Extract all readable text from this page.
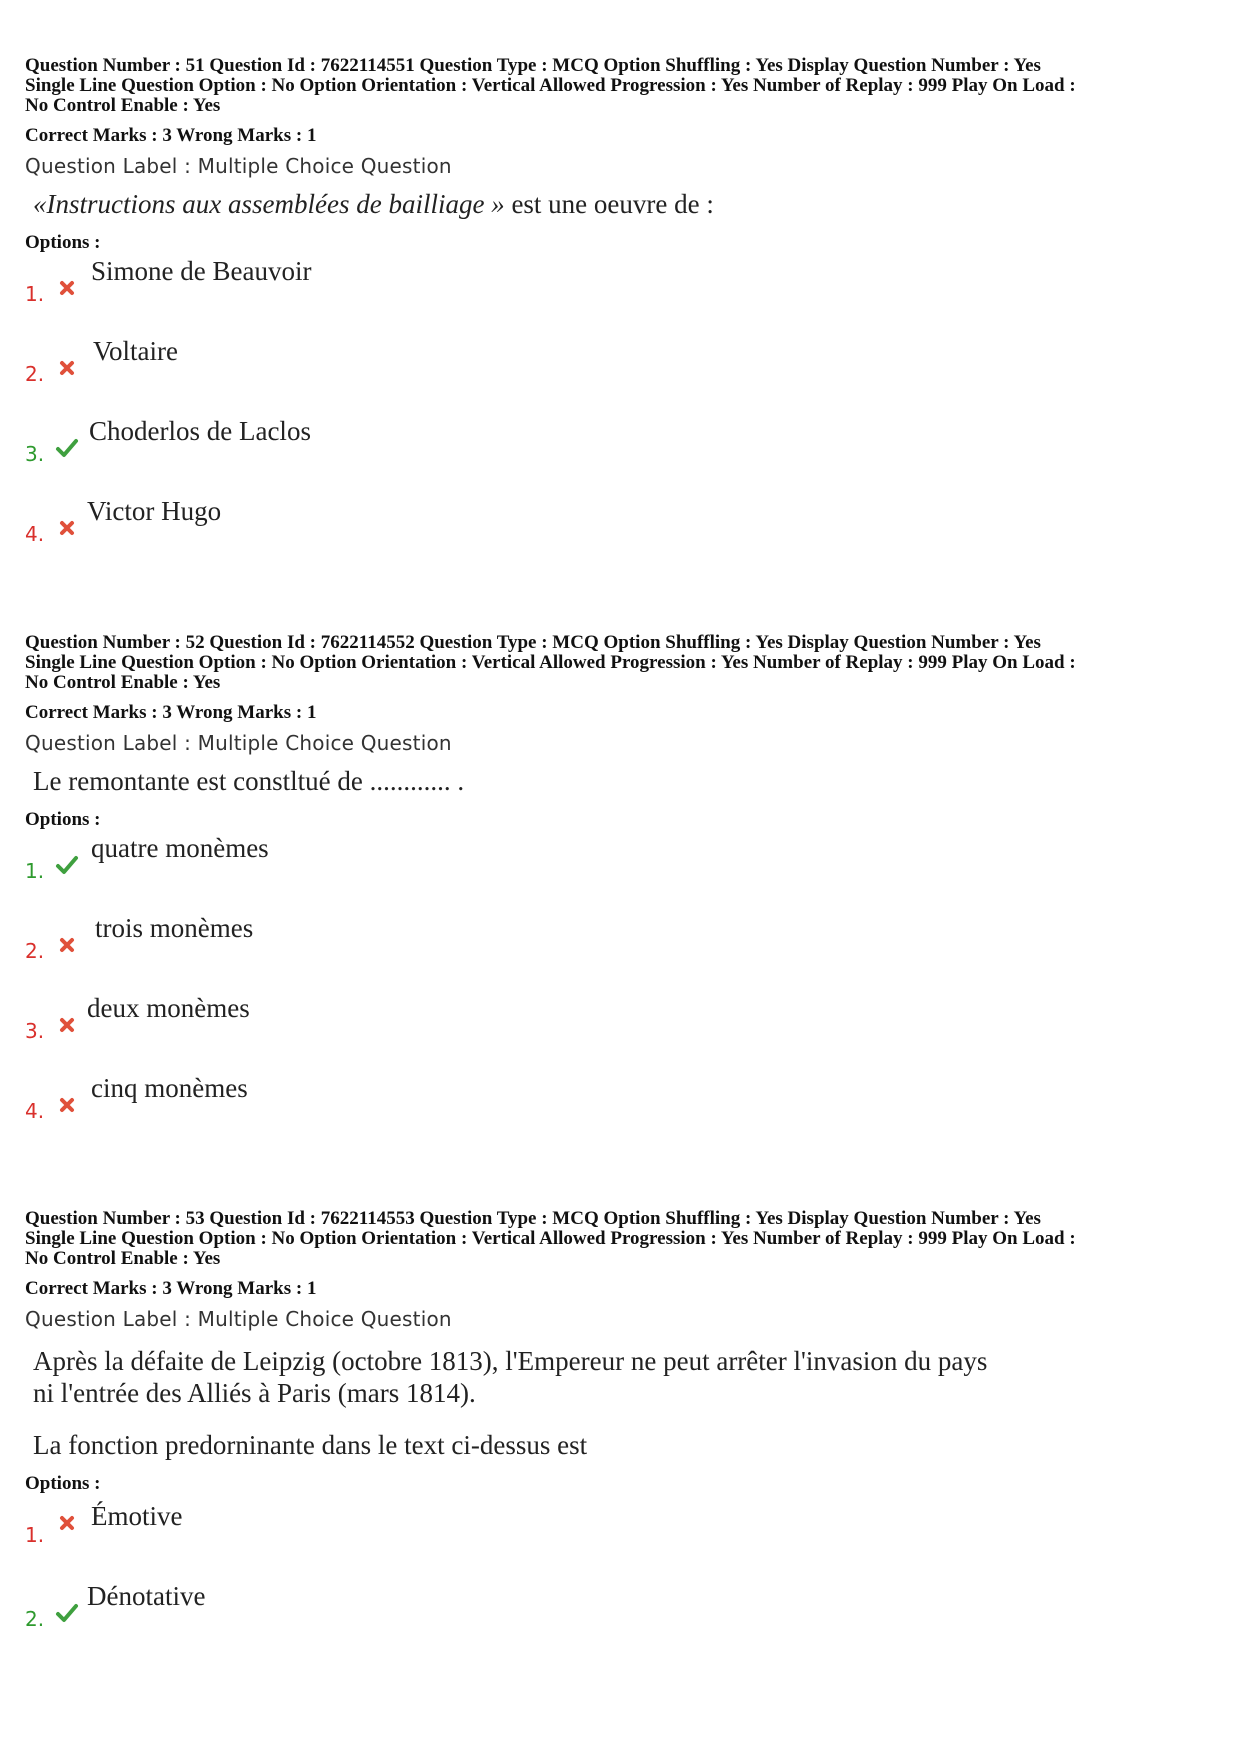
Question Number : 51 Question Id : 7622114551 Question Type : MCQ Option Shuffling : Yes Display Question Number : Yes
Single Line Question Option : No Option Orientation : Vertical Allowed Progression : Yes Number of Replay : 999 Play On Load :
No Control Enable : Yes
Correct Marks : 3 Wrong Marks : 1
Question Label : Multiple Choice Question
«Instructions aux assemblées de bailliage » est une oeuvre de :
Options :
1.
Simone de Beauvoir
2.
Voltaire
3.
Choderlos de Laclos
4.
Victor Hugo
Question Number : 52 Question Id : 7622114552 Question Type : MCQ Option Shuffling : Yes Display Question Number : Yes
Single Line Question Option : No Option Orientation : Vertical Allowed Progression : Yes Number of Replay : 999 Play On Load :
No Control Enable : Yes
Correct Marks : 3 Wrong Marks : 1
Question Label : Multiple Choice Question
Le remontante est constltué de ............ .
Options :
1.
quatre monèmes
2.
trois monèmes
3.
deux monèmes
4.
cinq monèmes
Question Number : 53 Question Id : 7622114553 Question Type : MCQ Option Shuffling : Yes Display Question Number : Yes
Single Line Question Option : No Option Orientation : Vertical Allowed Progression : Yes Number of Replay : 999 Play On Load :
No Control Enable : Yes
Correct Marks : 3 Wrong Marks : 1
Question Label : Multiple Choice Question
Après la défaite de Leipzig (octobre 1813), l'Empereur ne peut arrêter l'invasion du pays
ni l'entrée des Alliés à Paris (mars 1814).
La fonction predorninante dans le text ci-dessus est
Options :
1.
Émotive
2.
Dénotative
